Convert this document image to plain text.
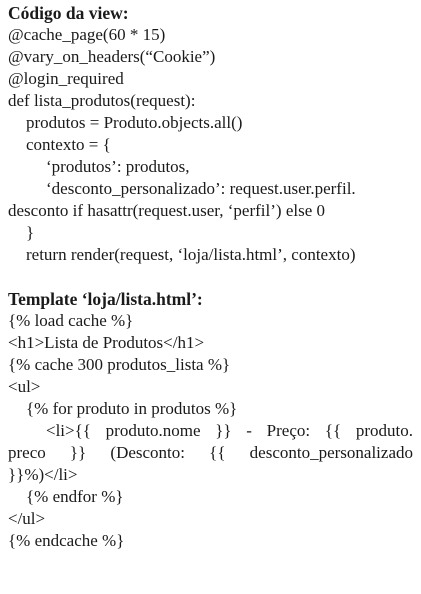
Código da view:
@cache_page(60 * 15)
@vary_on_headers(“Cookie”)
@login_required
def lista_produtos(request):
produtos = Produto.objects.all()
contexto = {
‘produtos’: produtos,
‘desconto_personalizado’: request.user.perfil.
desconto if hasattr(request.user, ‘perfil’) else 0
}
return render(request, ‘loja/lista.html’, contexto)
Template ‘loja/lista.html’:
{% load cache %}
<h1>Lista de Produtos</h1>
{% cache 300 produtos_lista %}
<ul>
{% for produto in produtos %}
<li>{{ produto.nome }} - Preço: {{ produto.
preco }} (Desconto: {{ desconto_personalizado
}}%)</li>
{% endfor %}
</ul>
{% endcache %}
